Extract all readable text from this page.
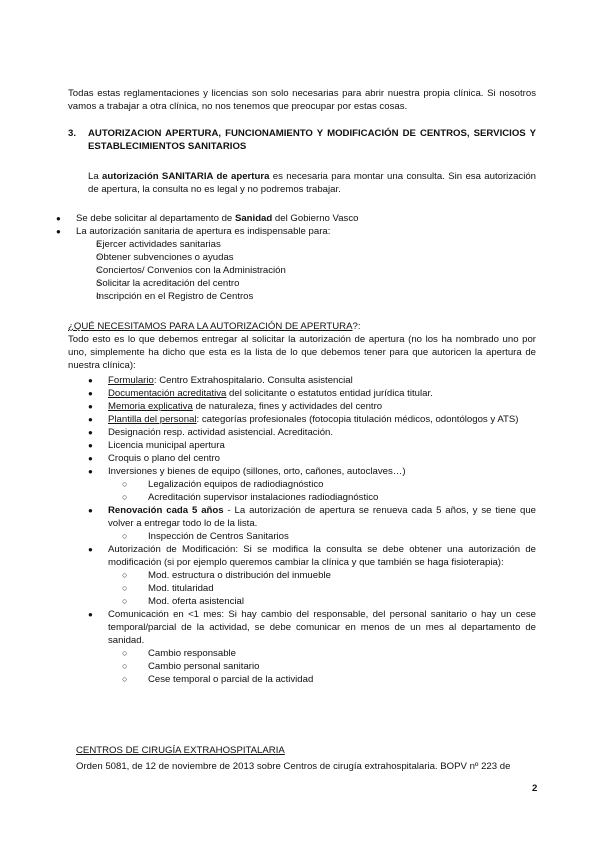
Todas estas reglamentaciones y licencias son solo necesarias para abrir nuestra propia clínica. Si nosotros vamos a trabajar a otra clínica, no nos tenemos que preocupar por estas cosas.
3. AUTORIZACION APERTURA, FUNCIONAMIENTO Y MODIFICACIÓN DE CENTROS, SERVICIOS Y ESTABLECIMIENTOS SANITARIOS
La autorización SANITARIA de apertura es necesaria para montar una consulta. Sin esa autorización de apertura, la consulta no es legal y no podremos trabajar.
● Se debe solicitar al departamento de Sanidad del Gobierno Vasco
● La autorización sanitaria de apertura es indispensable para:
○ Ejercer actividades sanitarias
○ Obtener subvenciones o ayudas
○ Conciertos/ Convenios con la Administración
○ Solicitar la acreditación del centro
○ Inscripción en el Registro de Centros
¿QUÉ NECESITAMOS PARA LA AUTORIZACIÓN DE APERTURA?:
Todo esto es lo que debemos entregar al solicitar la autorización de apertura (no los ha nombrado uno por uno, simplemente ha dicho que esta es la lista de lo que debemos tener para que autoricen la apertura de nuestra clínica):
● Formulario: Centro Extrahospitalario. Consulta asistencial
● Documentación acreditativa del solicitante o estatutos entidad jurídica titular.
● Memoria explicativa de naturaleza, fines y actividades del centro
● Plantilla del personal: categorías profesionales (fotocopia titulación médicos, odontólogos y ATS)
● Designación resp. actividad asistencial. Acreditación.
● Licencia municipal apertura
● Croquis o plano del centro
● Inversiones y bienes de equipo (sillones, orto, cañones, autoclaves…)
○ Legalización equipos de radiodiagnóstico
○ Acreditación supervisor instalaciones radiodiagnóstico
● Renovación cada 5 años - La autorización de apertura se renueva cada 5 años, y se tiene que volver a entregar todo lo de la lista.
○ Inspección de Centros Sanitarios
● Autorización de Modificación: Si se modifica la consulta se debe obtener una autorización de modificación (si por ejemplo queremos cambiar la clínica y que también se haga fisioterapia):
○ Mod. estructura o distribución del inmueble
○ Mod. titularidad
○ Mod. oferta asistencial
● Comunicación en <1 mes: Si hay cambio del responsable, del personal sanitario o hay un cese temporal/parcial de la actividad, se debe comunicar en menos de un mes al departamento de sanidad.
○ Cambio responsable
○ Cambio personal sanitario
○ Cese temporal o parcial de la actividad
CENTROS DE CIRUGÍA EXTRAHOSPITALARIA
Orden 5081, de 12 de noviembre de 2013 sobre Centros de cirugía extrahospitalaria. BOPV nº 223 de
2
